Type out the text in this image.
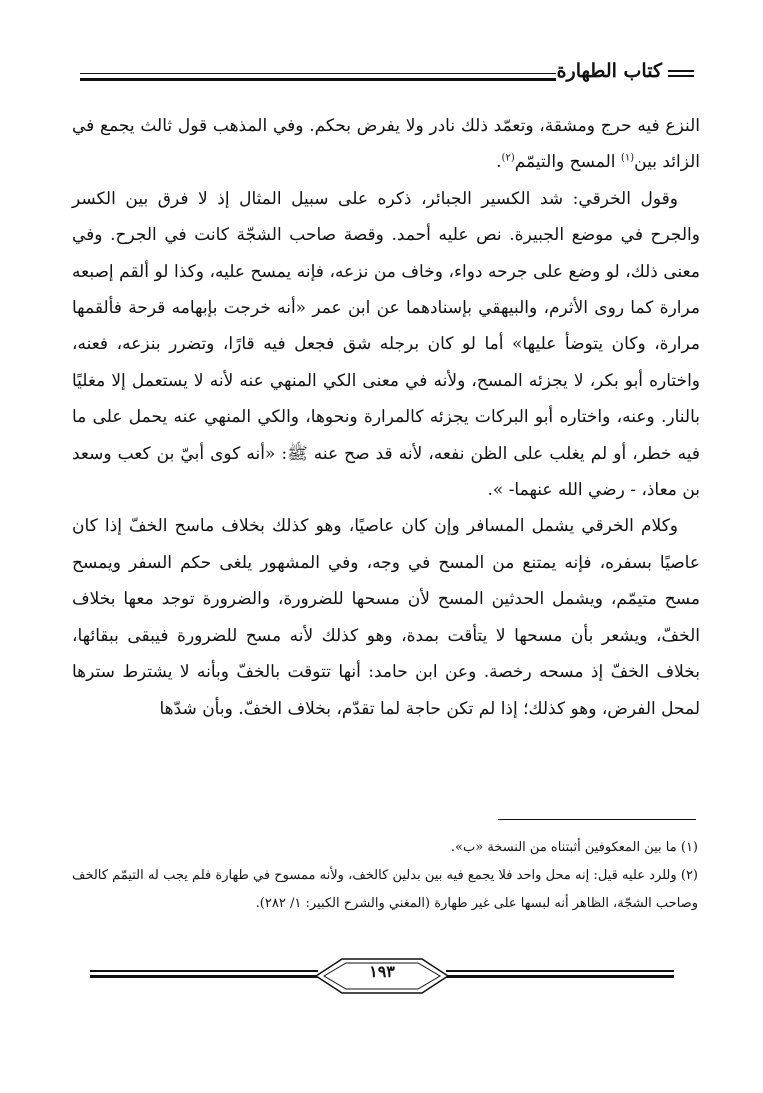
كتاب الطهارة

النزع فيه حرج ومشقة، وتعمّد ذلك نادر ولا يفرض بحكم. وفي المذهب قول ثالث يجمع في الزائد بين$^{(١)}$ المسح والتيمّم$^{(٢)}$.

وقول الخرقي: شد الكسير الجبائر، ذكره على سبيل المثال إذ لا فرق بين الكسر والجرح في موضع الجبيرة. نص عليه أحمد. وقصة صاحب الشجّة كانت في الجرح. وفي معنى ذلك، لو وضع على جرحه دواء، وخاف من نزعه، فإنه يمسح عليه، وكذا لو ألقم إصبعه مرارة كما روى الأثرم، والبيهقي بإسنادهما عن ابن عمر «أنه خرجت بإبهامه قرحة فألقمها مرارة، وكان يتوضأ عليها» أما لو كان برجله شق فجعل فيه قارًا، وتضرر بنزعه، فعنه، واختاره أبو بكر، لا يجزئه المسح، ولأنه في معنى الكي المنهي عنه لأنه لا يستعمل إلا مغليًا بالنار. وعنه، واختاره أبو البركات يجزئه كالمرارة ونحوها، والكي المنهي عنه يحمل على ما فيه خطر، أو لم يغلب على الظن نفعه، لأنه قد صح عنه ﷺ: «أنه كوى أبيّ بن كعب وسعد بن معاذ، - رضي الله عنهما- ».

وكلام الخرقي يشمل المسافر وإن كان عاصيًا، وهو كذلك بخلاف ماسح الخفّ إذا كان عاصيًا بسفره، فإنه يمتنع من المسح في وجه، وفي المشهور يلغى حكم السفر ويمسح مسح متيمّم، ويشمل الحدثين المسح لأن مسحها للضرورة، والضرورة توجد معها بخلاف الخفّ، ويشعر بأن مسحها لا يتأقت بمدة، وهو كذلك لأنه مسح للضرورة فيبقى ببقائها، بخلاف الخفّ إذ مسحه رخصة. وعن ابن حامد: أنها تتوقت بالخفّ وبأنه لا يشترط سترها لمحل الفرض، وهو كذلك؛ إذا لم تكن حاجة لما تقدّم، بخلاف الخفّ. وبأن شدّها

(١) ما بين المعكوفين أثبتناه من النسخة «ب».

(٢) وللرد عليه قيل: إنه محل واحد فلا يجمع فيه بين بدلين كالخف، ولأنه ممسوح في طهارة فلم يجب له التيمّم كالخف وصاحب الشجّة، الظاهر أنه لبسها على غير طهارة (المغني والشرح الكبير: ١/ ٢٨٢).

١٩٣
